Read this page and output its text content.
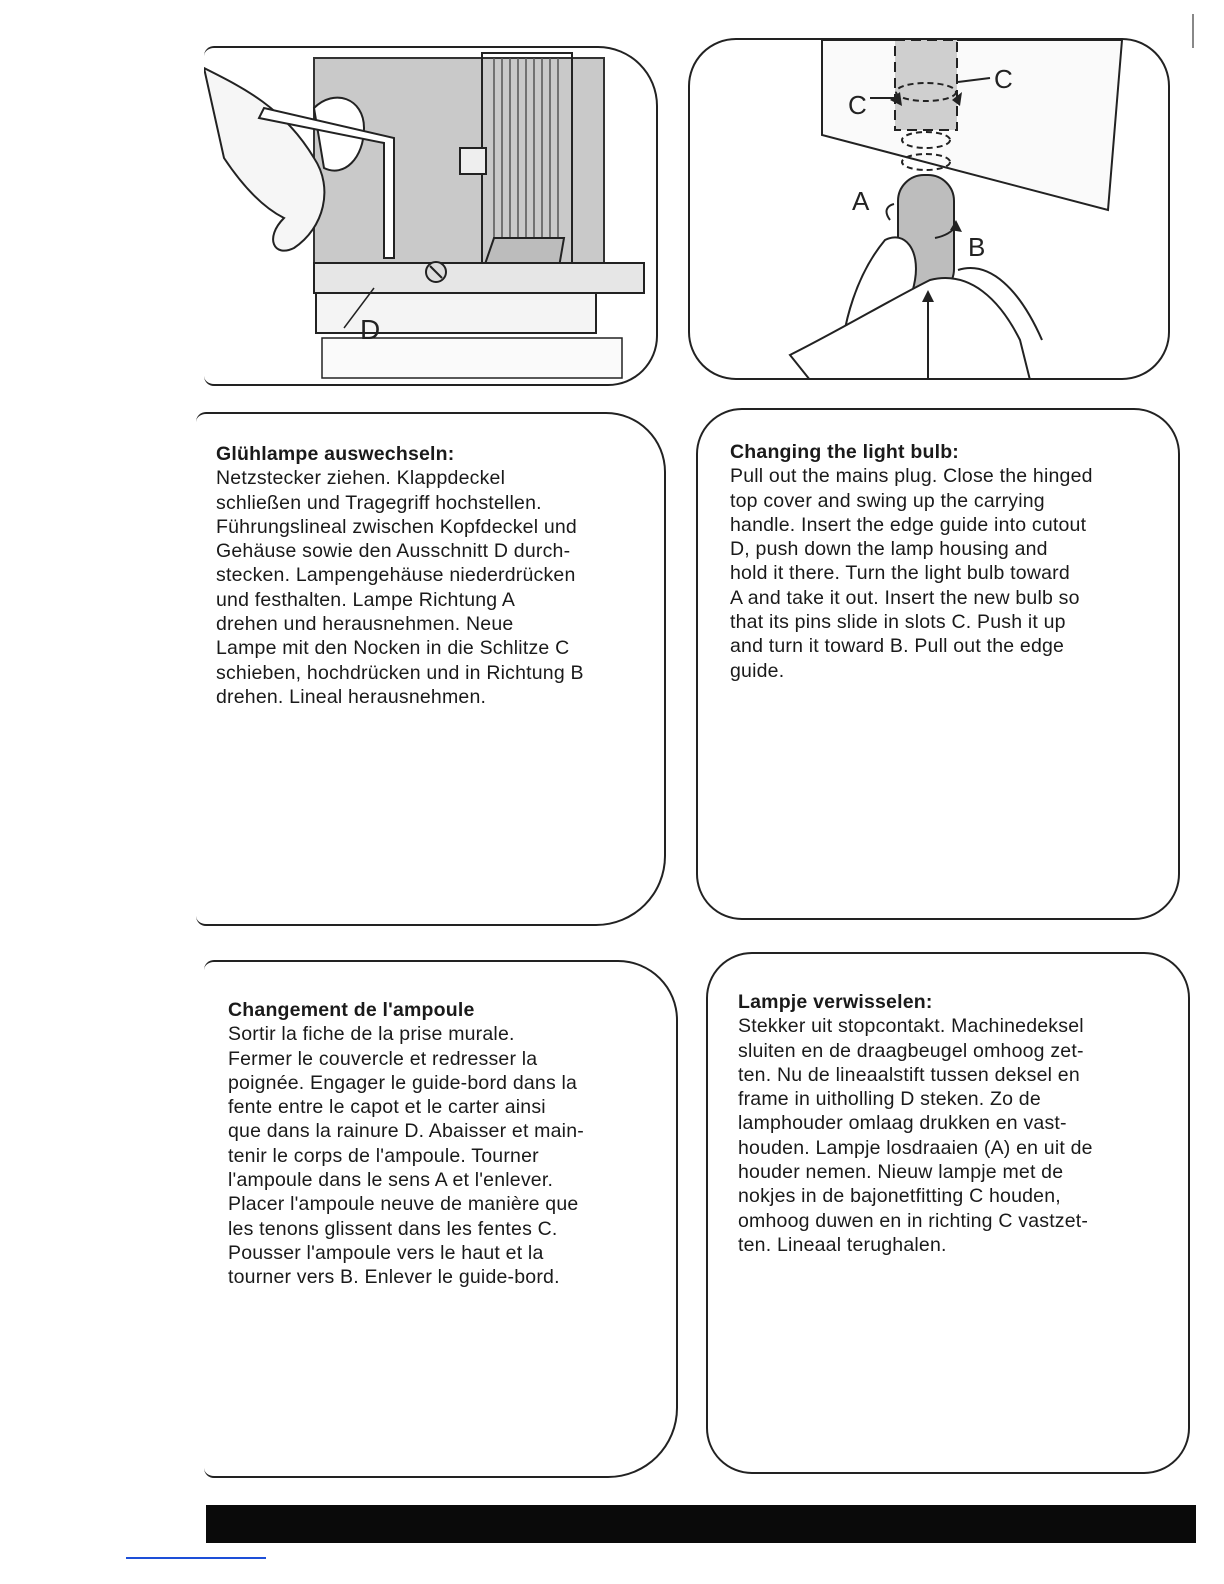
D
C
C
A
B
Glühlampe auswechseln:
Netzstecker ziehen. Klappdeckel
schließen und Tragegriff hochstellen.
Führungslineal zwischen Kopfdeckel und
Gehäuse sowie den Ausschnitt D durch-
stecken. Lampengehäuse niederdrücken
und festhalten. Lampe Richtung A
drehen und herausnehmen. Neue
Lampe mit den Nocken in die Schlitze C
schieben, hochdrücken und in Richtung B
drehen. Lineal herausnehmen.
Changing the light bulb:
Pull out the mains plug. Close the hinged
top cover and swing up the carrying
handle. Insert the edge guide into cutout
D, push down the lamp housing and
hold it there. Turn the light bulb toward
A and take it out. Insert the new bulb so
that its pins slide in slots C. Push it up
and turn it toward B. Pull out the edge
guide.
Changement de l'ampoule
Sortir la fiche de la prise murale.
Fermer le couvercle et redresser la
poignée. Engager le guide-bord dans la
fente entre le capot et le carter ainsi
que dans la rainure D. Abaisser et main-
tenir le corps de l'ampoule. Tourner
l'ampoule dans le sens A et l'enlever.
Placer l'ampoule neuve de manière que
les tenons glissent dans les fentes C.
Pousser l'ampoule vers le haut et la
tourner vers B. Enlever le guide-bord.
Lampje verwisselen:
Stekker uit stopcontakt. Machinedeksel
sluiten en de draagbeugel omhoog zet-
ten. Nu de lineaalstift tussen deksel en
frame in uitholling D steken. Zo de
lamphouder omlaag drukken en vast-
houden. Lampje losdraaien (A) en uit de
houder nemen. Nieuw lampje met de
nokjes in de bajonetfitting C houden,
omhoog duwen en in richting C vastzet-
ten. Lineaal terughalen.
